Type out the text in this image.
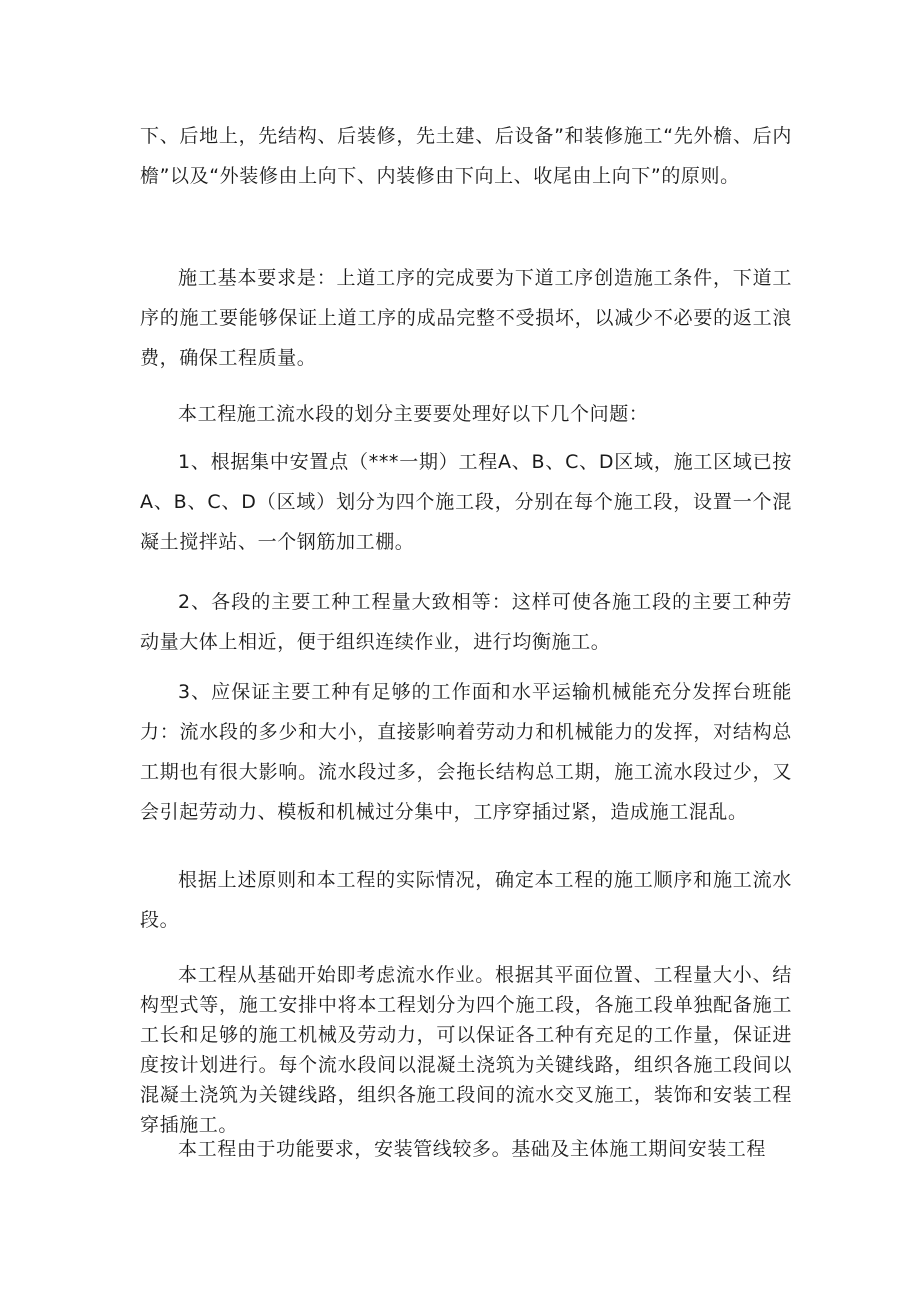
下、后地上，先结构、后装修，先土建、后设备”和装修施工“先外檐、后内檐”以及“外装修由上向下、内装修由下向上、收尾由上向下”的原则。

施工基本要求是：上道工序的完成要为下道工序创造施工条件，下道工序的施工要能够保证上道工序的成品完整不受损坏，以减少不必要的返工浪费，确保工程质量。

本工程施工流水段的划分主要要处理好以下几个问题：

1、根据集中安置点（***一期）工程A、B、C、D区域，施工区域已按A、B、C、D（区域）划分为四个施工段，分别在每个施工段，设置一个混凝土搅拌站、一个钢筋加工棚。

2、各段的主要工种工程量大致相等：这样可使各施工段的主要工种劳动量大体上相近，便于组织连续作业，进行均衡施工。

3、应保证主要工种有足够的工作面和水平运输机械能充分发挥台班能力：流水段的多少和大小，直接影响着劳动力和机械能力的发挥，对结构总工期也有很大影响。流水段过多，会拖长结构总工期，施工流水段过少，又会引起劳动力、模板和机械过分集中，工序穿插过紧，造成施工混乱。

根据上述原则和本工程的实际情况，确定本工程的施工顺序和施工流水段。

本工程从基础开始即考虑流水作业。根据其平面位置、工程量大小、结构型式等，施工安排中将本工程划分为四个施工段，各施工段单独配备施工工长和足够的施工机械及劳动力，可以保证各工种有充足的工作量，保证进度按计划进行。每个流水段间以混凝土浇筑为关键线路，组织各施工段间以混凝土浇筑为关键线路，组织各施工段间的流水交叉施工，装饰和安装工程穿插施工。

本工程由于功能要求，安装管线较多。基础及主体施工期间安装工程
